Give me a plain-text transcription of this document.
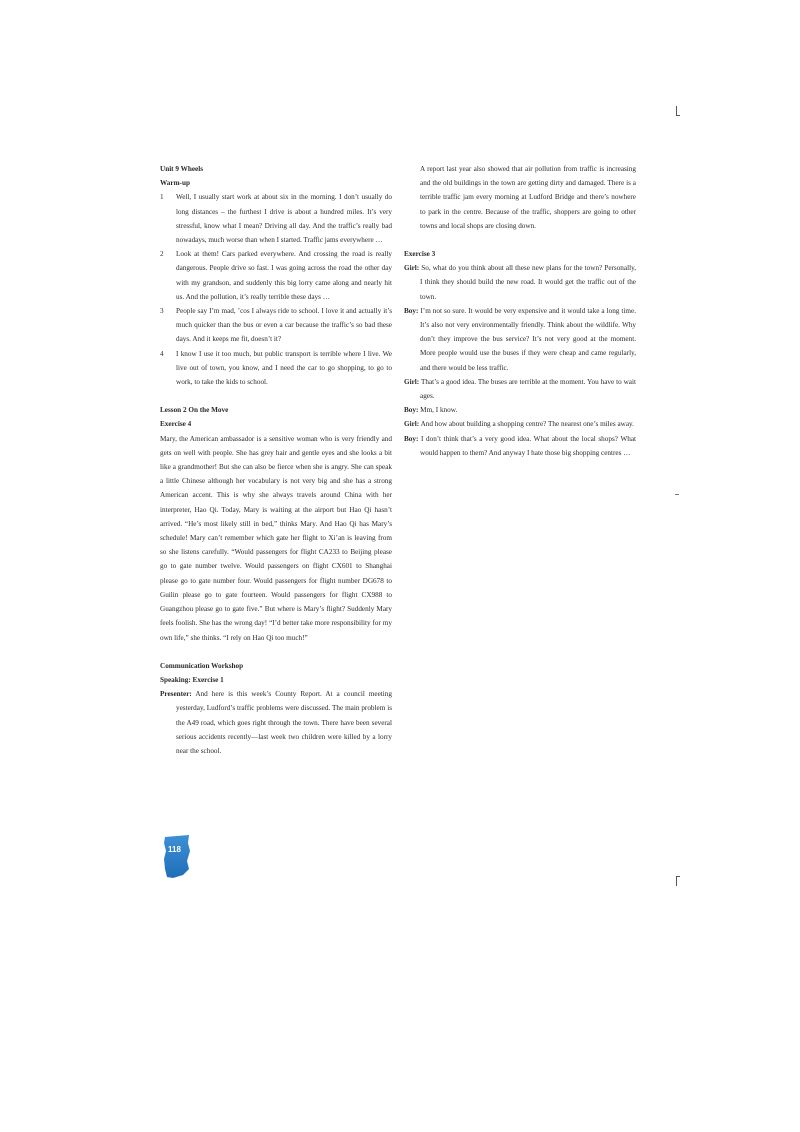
Unit 9 Wheels

Warm-up

1	Well, I usually start work at about six in the morning. I don’t usually do long distances – the furthest I drive is about a hundred miles. It’s very stressful, know what I mean? Driving all day. And the traffic’s really bad nowadays, much worse than when I started. Traffic jams everywhere …
2	Look at them! Cars parked everywhere. And crossing the road is really dangerous. People drive so fast. I was going across the road the other day with my grandson, and suddenly this big lorry came along and nearly hit us. And the pollution, it’s really terrible these days …
3	People say I’m mad, ’cos I always ride to school. I love it and actually it’s much quicker than the bus or even a car because the traffic’s so bad these days. And it keeps me fit, doesn’t it?
4	I know I use it too much, but public transport is terrible where I live. We live out of town, you know, and I need the car to go shopping, to go to work, to take the kids to school.

Lesson 2 On the Move

Exercise 4

Mary, the American ambassador is a sensitive woman who is very friendly and gets on well with people. She has grey hair and gentle eyes and she looks a bit like a grandmother! But she can also be fierce when she is angry. She can speak a little Chinese although her vocabulary is not very big and she has a strong American accent. This is why she always travels around China with her interpreter, Hao Qi. Today, Mary is waiting at the airport but Hao Qi hasn’t arrived. “He’s most likely still in bed,” thinks Mary. And Hao Qi has Mary’s schedule! Mary can’t remember which gate her flight to Xi’an is leaving from so she listens carefully. “Would passengers for flight CA233 to Beijing please go to gate number twelve. Would passengers on flight CX601 to Shanghai please go to gate number four. Would passengers for flight number DG678 to Guilin please go to gate fourteen. Would passengers for flight CX988 to Guangzhou please go to gate five.” But where is Mary’s flight? Suddenly Mary feels foolish. She has the wrong day! “I’d better take more responsibility for my own life,” she thinks. “I rely on Hao Qi too much!”

Communication Workshop

Speaking: Exercise 1

Presenter: And here is this week’s County Report. At a council meeting yesterday, Ludford’s traffic problems were discussed. The main problem is the A49 road, which goes right through the town. There have been several serious accidents recently—last week two children were killed by a lorry near the school.

A report last year also showed that air pollution from traffic is increasing and the old buildings in the town are getting dirty and damaged. There is a terrible traffic jam every morning at Ludford Bridge and there’s nowhere to park in the centre. Because of the traffic, shoppers are going to other towns and local shops are closing down.

Exercise 3

Girl: So, what do you think about all these new plans for the town? Personally, I think they should build the new road. It would get the traffic out of the town.

Boy: I’m not so sure. It would be very expensive and it would take a long time. It’s also not very environmentally friendly. Think about the wildlife. Why don’t they improve the bus service? It’s not very good at the moment. More people would use the buses if they were cheap and came regularly, and there would be less traffic.

Girl: That’s a good idea. The buses are terrible at the moment. You have to wait ages.

Boy: Mm, I know.

Girl: And how about building a shopping centre? The nearest one’s miles away.

Boy: I don’t think that’s a very good idea. What about the local shops? What would happen to them? And anyway I hate those big shopping centres …

118
